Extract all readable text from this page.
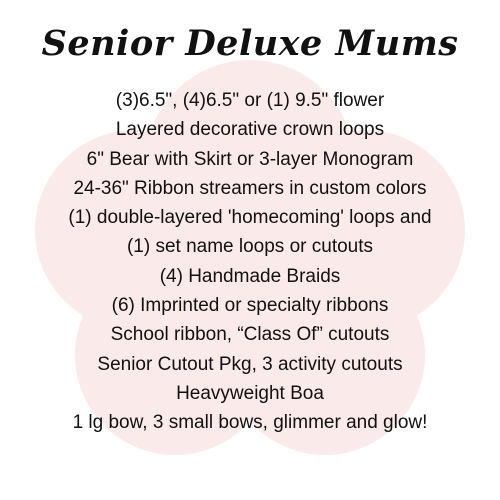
Senior Deluxe Mums
(3)6.5", (4)6.5" or (1) 9.5" flower
Layered decorative crown loops
6" Bear with Skirt or 3-layer Monogram
24-36" Ribbon streamers in custom colors
(1) double-layered 'homecoming' loops and
(1) set name loops or cutouts
(4) Handmade Braids
(6) Imprinted or specialty ribbons
School ribbon, “Class Of” cutouts
Senior Cutout Pkg, 3 activity cutouts
Heavyweight Boa
1 lg bow, 3 small bows, glimmer and glow!
